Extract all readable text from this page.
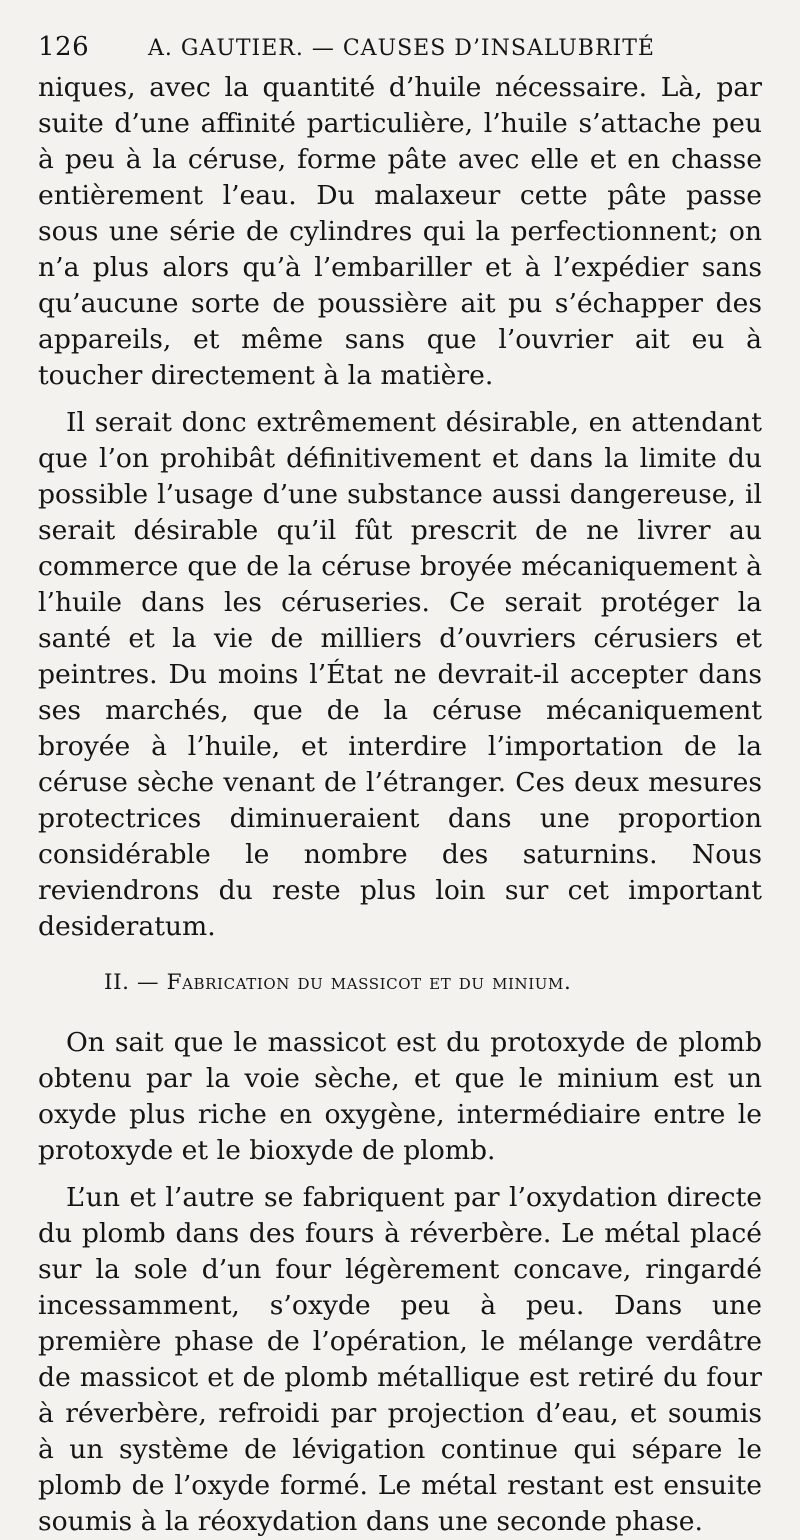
126	A. GAUTIER. — CAUSES D’INSALUBRITÉ

niques, avec la quantité d’huile nécessaire. Là, par suite d’une affinité particulière, l’huile s’attache peu à peu à la céruse, forme pâte avec elle et en chasse entièrement l’eau. Du malaxeur cette pâte passe sous une série de cylindres qui la perfectionnent; on n’a plus alors qu’à l’embariller et à l’expédier sans qu’aucune sorte de poussière ait pu s’échapper des appareils, et même sans que l’ouvrier ait eu à toucher directement à la matière.

Il serait donc extrêmement désirable, en attendant que l’on prohibât définitivement et dans la limite du possible l’usage d’une substance aussi dangereuse, il serait désirable qu’il fût prescrit de ne livrer au commerce que de la céruse broyée mécaniquement à l’huile dans les céruseries. Ce serait protéger la santé et la vie de milliers d’ouvriers cérusiers et peintres. Du moins l’État ne devrait-il accepter dans ses marchés, que de la céruse mécaniquement broyée à l’huile, et interdire l’importation de la céruse sèche venant de l’étranger. Ces deux mesures protectrices diminueraient dans une proportion considérable le nombre des saturnins. Nous reviendrons du reste plus loin sur cet important desideratum.

II. — Fabrication du massicot et du minium.

On sait que le massicot est du protoxyde de plomb obtenu par la voie sèche, et que le minium est un oxyde plus riche en oxygène, intermédiaire entre le protoxyde et le bioxyde de plomb.

L’un et l’autre se fabriquent par l’oxydation directe du plomb dans des fours à réverbère. Le métal placé sur la sole d’un four légèrement concave, ringardé incessamment, s’oxyde peu à peu. Dans une première phase de l’opération, le mélange verdâtre de massicot et de plomb métallique est retiré du four à réverbère, refroidi par projection d’eau, et soumis à un système de lévigation continue qui sépare le plomb de l’oxyde formé. Le métal restant est ensuite soumis à la réoxydation dans une seconde phase.
